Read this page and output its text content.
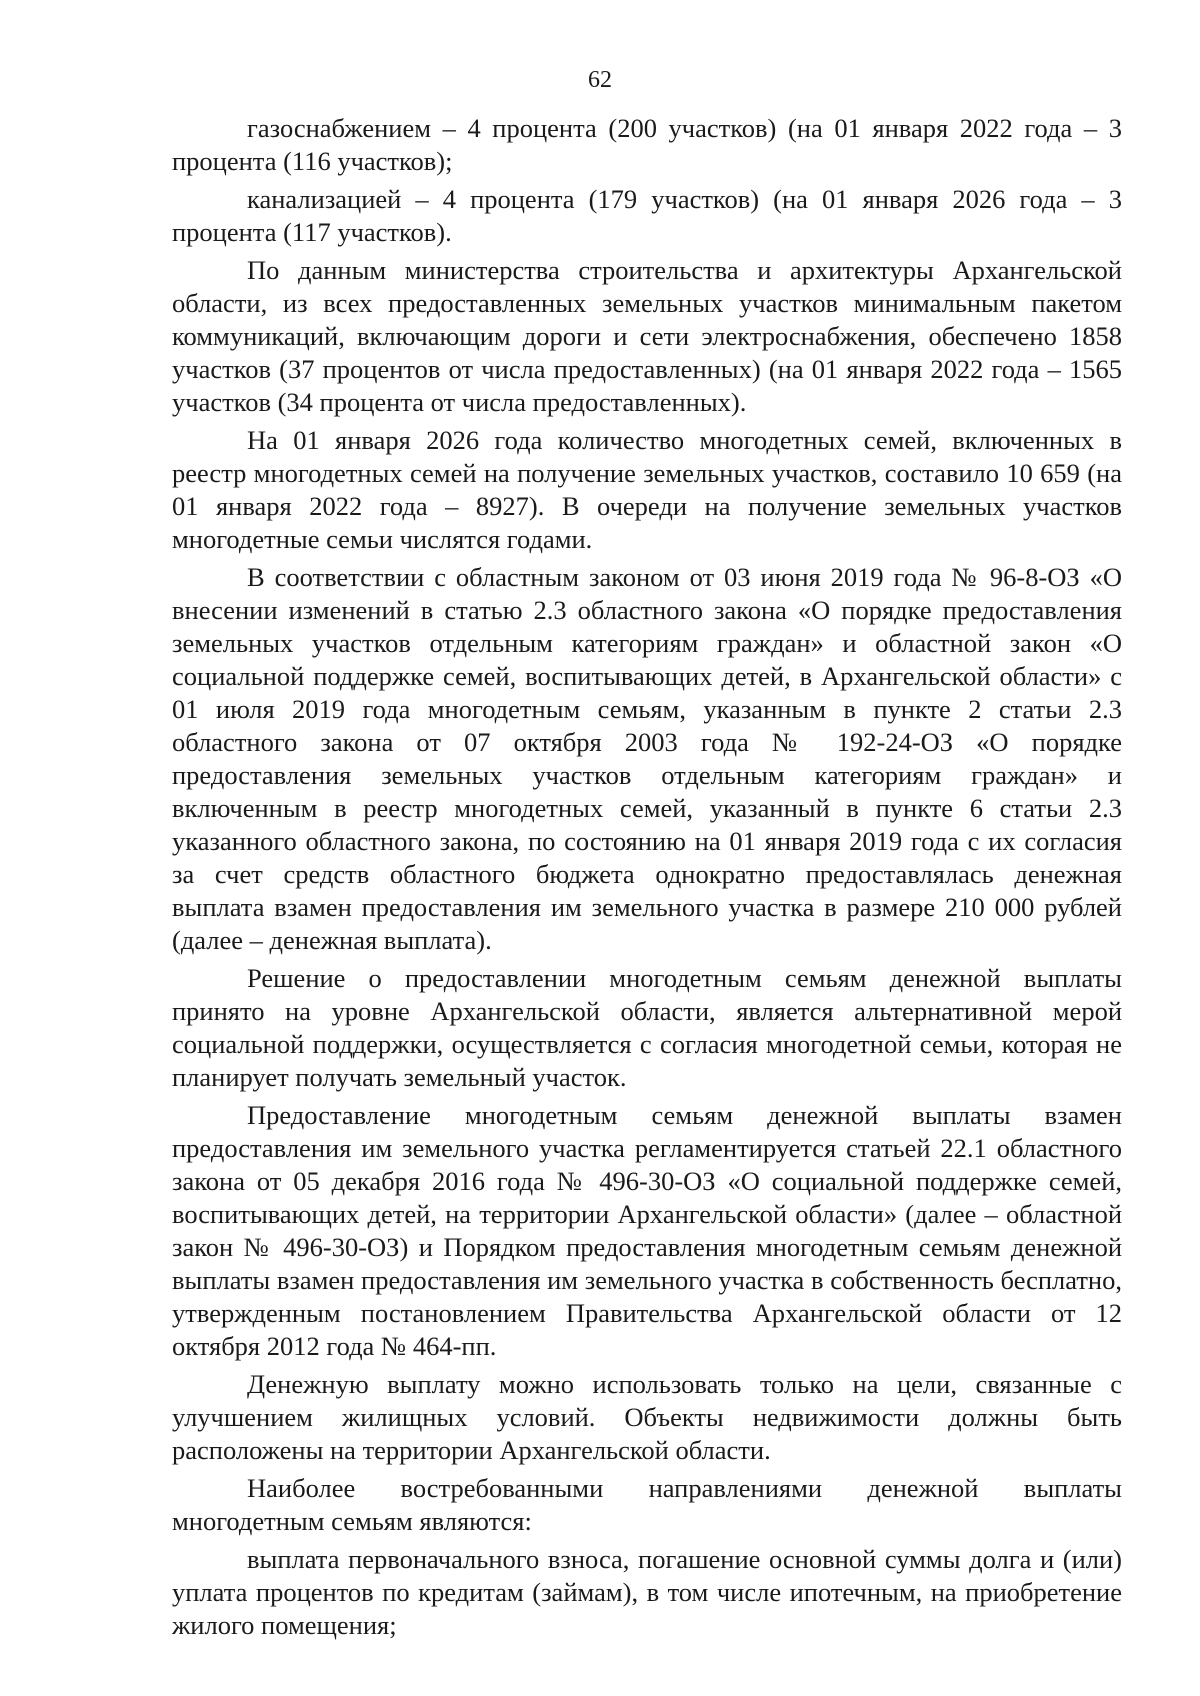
62

газоснабжением – 4 процента (200 участков) (на 01 января 2022 года – 3 процента (116 участков);

канализацией – 4 процента (179 участков) (на 01 января 2026 года – 3 процента (117 участков).

По данным министерства строительства и архитектуры Архангельской области, из всех предоставленных земельных участков минимальным пакетом коммуникаций, включающим дороги и сети электроснабжения, обеспечено 1858 участков (37 процентов от числа предоставленных) (на 01 января 2022 года – 1565 участков (34 процента от числа предоставленных).

На 01 января 2026 года количество многодетных семей, включенных в реестр многодетных семей на получение земельных участков, составило 10 659 (на 01 января 2022 года – 8927). В очереди на получение земельных участков многодетные семьи числятся годами.

В соответствии с областным законом от 03 июня 2019 года № 96-8-ОЗ «О внесении изменений в статью 2.3 областного закона «О порядке предоставления земельных участков отдельным категориям граждан» и областной закон «О социальной поддержке семей, воспитывающих детей, в Архангельской области» с 01 июля 2019 года многодетным семьям, указанным в пункте 2 статьи 2.3 областного закона от 07 октября 2003 года № 192-24-ОЗ «О порядке предоставления земельных участков отдельным категориям граждан» и включенным в реестр многодетных семей, указанный в пункте 6 статьи 2.3 указанного областного закона, по состоянию на 01 января 2019 года с их согласия за счет средств областного бюджета однократно предоставлялась денежная выплата взамен предоставления им земельного участка в размере 210 000 рублей (далее – денежная выплата).

Решение о предоставлении многодетным семьям денежной выплаты принято на уровне Архангельской области, является альтернативной мерой социальной поддержки, осуществляется с согласия многодетной семьи, которая не планирует получать земельный участок.

Предоставление многодетным семьям денежной выплаты взамен предоставления им земельного участка регламентируется статьей 22.1 областного закона от 05 декабря 2016 года № 496-30-ОЗ «О социальной поддержке семей, воспитывающих детей, на территории Архангельской области» (далее – областной закон № 496-30-ОЗ) и Порядком предоставления многодетным семьям денежной выплаты взамен предоставления им земельного участка в собственность бесплатно, утвержденным постановлением Правительства Архангельской области от 12 октября 2012 года № 464-пп.

Денежную выплату можно использовать только на цели, связанные с улучшением жилищных условий. Объекты недвижимости должны быть расположены на территории Архангельской области.

Наиболее востребованными направлениями денежной выплаты многодетным семьям являются:

выплата первоначального взноса, погашение основной суммы долга и (или) уплата процентов по кредитам (займам), в том числе ипотечным, на приобретение жилого помещения;
